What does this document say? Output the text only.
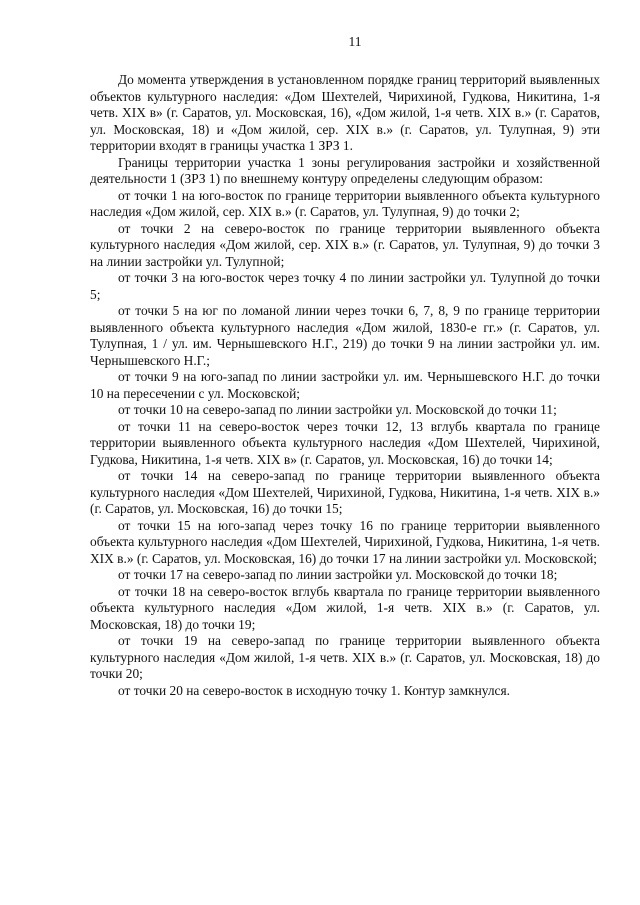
11

До момента утверждения в установленном порядке границ территорий выявленных объектов культурного наследия: «Дом Шехтелей, Чирихиной, Гудкова, Никитина, 1-я четв. XIX в» (г. Саратов, ул. Московская, 16), «Дом жилой, 1-я четв. XIX в.» (г. Саратов, ул. Московская, 18) и «Дом жилой, сер. XIX в.» (г. Саратов, ул. Тулупная, 9) эти территории входят в границы участка 1 ЗРЗ 1.

Границы территории участка 1 зоны регулирования застройки и хозяйственной деятельности 1 (ЗРЗ 1) по внешнему контуру определены следующим образом:

от точки 1 на юго-восток по границе территории выявленного объекта культурного наследия «Дом жилой, сер. XIX в.» (г. Саратов, ул. Тулупная, 9) до точки 2;

от точки 2 на северо-восток по границе территории выявленного объекта культурного наследия «Дом жилой, сер. XIX в.» (г. Саратов, ул. Тулупная, 9) до точки 3 на линии застройки ул. Тулупной;

от точки 3 на юго-восток через точку 4 по линии застройки ул. Тулупной до точки 5;

от точки 5 на юг по ломаной линии через точки 6, 7, 8, 9 по границе территории выявленного объекта культурного наследия «Дом жилой, 1830-е гг.» (г. Саратов, ул. Тулупная, 1 / ул. им. Чернышевского Н.Г., 219) до точки 9 на линии застройки ул. им. Чернышевского Н.Г.;

от точки 9 на юго-запад по линии застройки ул. им. Чернышевского Н.Г. до точки 10 на пересечении с ул. Московской;

от точки 10 на северо-запад по линии застройки ул. Московской до точки 11;

от точки 11 на северо-восток через точки 12, 13 вглубь квартала по границе территории выявленного объекта культурного наследия «Дом Шехтелей, Чирихиной, Гудкова, Никитина, 1-я четв. XIX в» (г. Саратов, ул. Московская, 16) до точки 14;

от точки 14 на северо-запад по границе территории выявленного объекта культурного наследия «Дом Шехтелей, Чирихиной, Гудкова, Никитина, 1-я четв. XIX в.» (г. Саратов, ул. Московская, 16) до точки 15;

от точки 15 на юго-запад через точку 16 по границе территории выявленного объекта культурного наследия «Дом Шехтелей, Чирихиной, Гудкова, Никитина, 1-я четв. XIX в.» (г. Саратов, ул. Московская, 16) до точки 17 на линии застройки ул. Московской;

от точки 17 на северо-запад по линии застройки ул. Московской до точки 18;

от точки 18 на северо-восток вглубь квартала по границе территории выявленного объекта культурного наследия «Дом жилой, 1-я четв. XIX в.» (г. Саратов, ул. Московская, 18) до точки 19;

от точки 19 на северо-запад по границе территории выявленного объекта культурного наследия «Дом жилой, 1-я четв. XIX в.» (г. Саратов, ул. Московская, 18) до точки 20;

от точки 20 на северо-восток в исходную точку 1. Контур замкнулся.
